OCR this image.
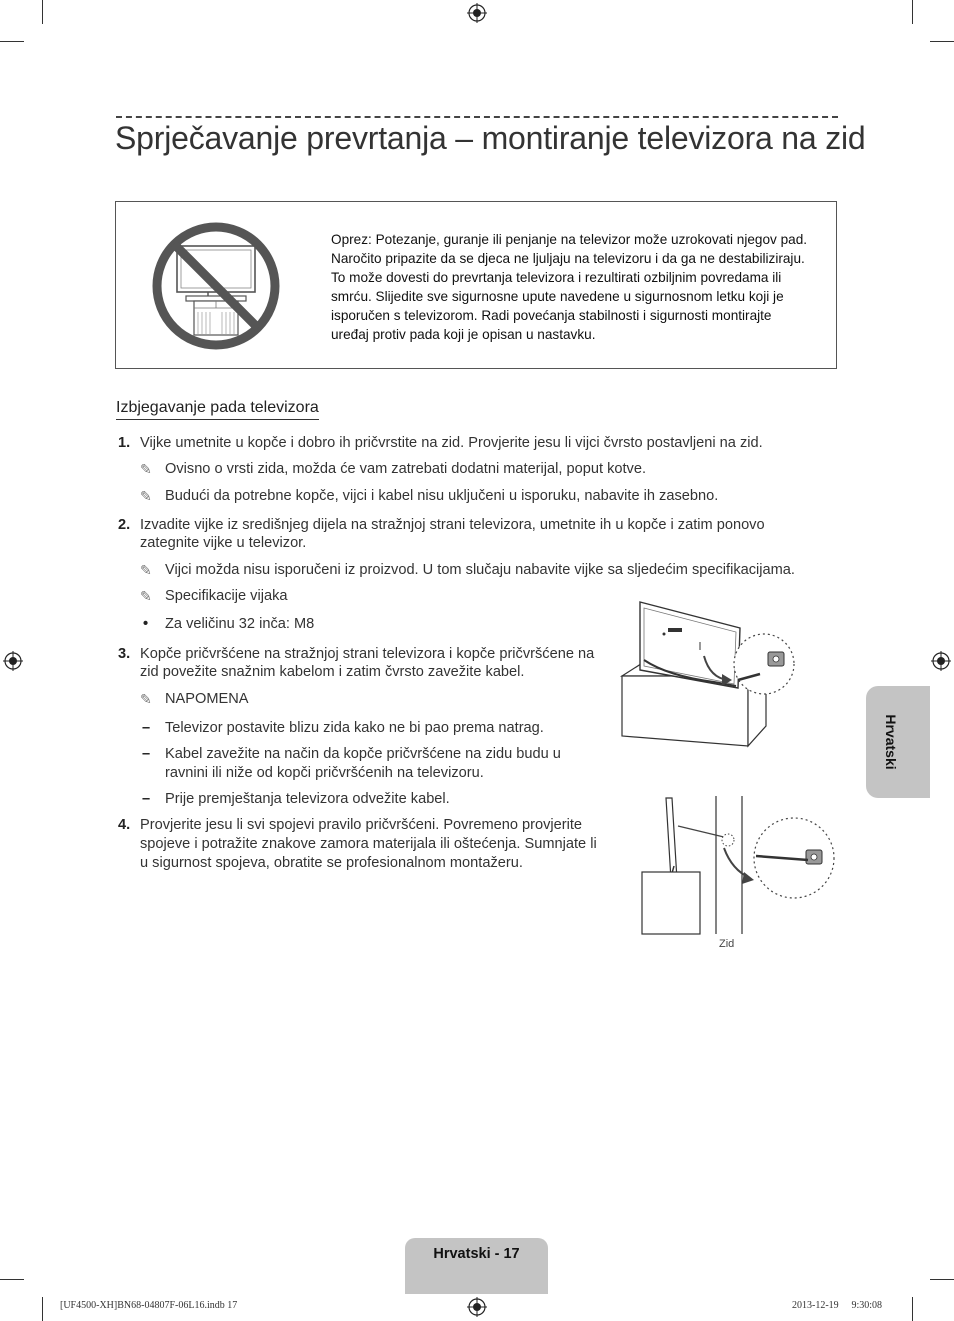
Sprječavanje prevrtanja – montiranje televizora na zid

Oprez: Potezanje, guranje ili penjanje na televizor može uzrokovati njegov pad.

Naročito pripazite da se djeca ne ljuljaju na televizoru i da ga ne destabiliziraju.

To može dovesti do prevrtanja televizora i rezultirati ozbiljnim povredama ili

smrću. Slijedite sve sigurnosne upute navedene u sigurnosnom letku koji je

isporučen s televizorom. Radi povećanja stabilnosti i sigurnosti montirajte

uređaj protiv pada koji je opisan u nastavku.

Izbjegavanje pada televizora
1. Vijke umetnite u kopče i dobro ih pričvrstite na zid. Provjerite jesu li vijci čvrsto postavljeni na zid.
✎ Ovisno o vrsti zida, možda će vam zatrebati dodatni materijal, poput kotve.
✎ Budući da potrebne kopče, vijci i kabel nisu uključeni u isporuku, nabavite ih zasebno.
2. Izvadite vijke iz središnjeg dijela na stražnjoj strani televizora, umetnite ih u kopče i zatim ponovo
zategnite vijke u televizor.
✎ Vijci možda nisu isporučeni iz proizvod. U tom slučaju nabavite vijke sa sljedećim specifikacijama.
✎ Specifikacije vijaka
• Za veličinu 32 inča: M8
3. Kopče pričvršćene na stražnjoj strani televizora i kopče pričvršćene na
zid povežite snažnim kabelom i zatim čvrsto zavežite kabel.
✎ NAPOMENA
– Televizor postavite blizu zida kako ne bi pao prema natrag.
– Kabel zavežite na način da kopče pričvršćene na zidu budu u
ravnini ili niže od kopči pričvršćenih na televizoru.
– Prije premještanja televizora odvežite kabel.
4. Provjerite jesu li svi spojevi pravilo pričvršćeni. Povremeno provjerite
spojeve i potražite znakove zamora materijala ili oštećenja. Sumnjate li
u sigurnost spojeva, obratite se profesionalnom montažeru.
Zid
Hrvatski
Hrvatski - 17
[UF4500-XH]BN68-04807F-06L16.indb 17	2013-12-19 ﾟ 9:30:08
